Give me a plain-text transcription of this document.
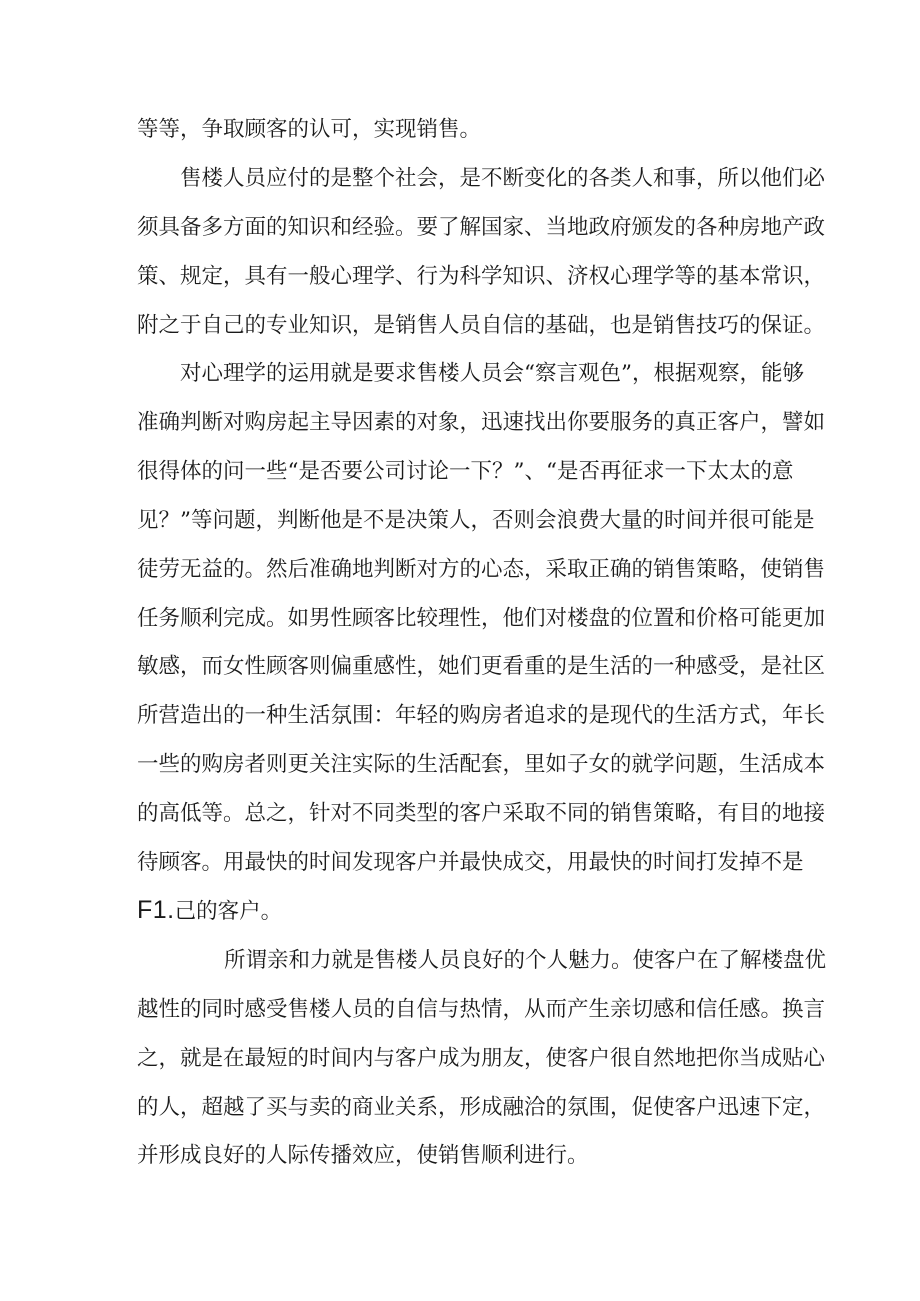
等等，争取顾客的认可，实现销售。
售楼人员应付的是整个社会，是不断变化的各类人和事，所以他们必
须具备多方面的知识和经验。要了解国家、当地政府颁发的各种房地产政
策、规定，具有一般心理学、行为科学知识、济权心理学等的基本常识，
附之于自己的专业知识，是销售人员自信的基础，也是销售技巧的保证。
对心理学的运用就是要求售楼人员会“察言观色”，根据观察，能够
准确判断对购房起主导因素的对象，迅速找出你要服务的真正客户，譬如
很得体的问一些“是否要公司讨论一下？”、“是否再征求一下太太的意
见？”等问题，判断他是不是决策人，否则会浪费大量的时间并很可能是
徒劳无益的。然后准确地判断对方的心态，采取正确的销售策略，使销售
任务顺利完成。如男性顾客比较理性，他们对楼盘的位置和价格可能更加
敏感，而女性顾客则偏重感性，她们更看重的是生活的一种感受，是社区
所营造出的一种生活氛围：年轻的购房者追求的是现代的生活方式，年长
一些的购房者则更关注实际的生活配套，里如子女的就学问题，生活成本
的高低等。总之，针对不同类型的客户采取不同的销售策略，有目的地接
待顾客。用最快的时间发现客户并最快成交，用最快的时间打发掉不是
F1.己的客户。
所谓亲和力就是售楼人员良好的个人魅力。使客户在了解楼盘优
越性的同时感受售楼人员的自信与热情，从而产生亲切感和信任感。换言
之，就是在最短的时间内与客户成为朋友，使客户很自然地把你当成贴心
的人，超越了买与卖的商业关系，形成融洽的氛围，促使客户迅速下定，
并形成良好的人际传播效应，使销售顺利进行。
